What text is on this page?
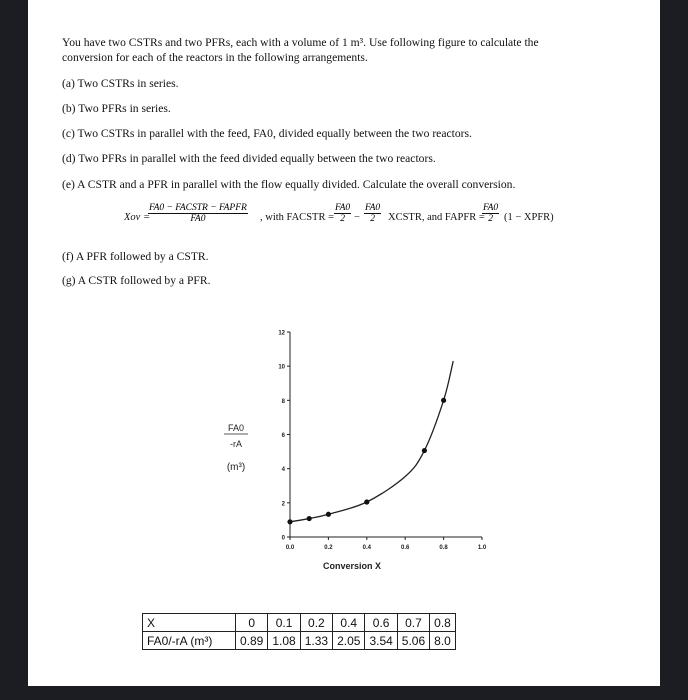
You have two CSTRs and two PFRs, each with a volume of 1 m³. Use following figure to calculate the
conversion for each of the reactors in the following arrangements.
(a) Two CSTRs in series.
(b) Two PFRs in series.
(c) Two CSTRs in parallel with the feed, FA0, divided equally between the two reactors.
(d) Two PFRs in parallel with the feed divided equally between the two reactors.
(e) A CSTR and a PFR in parallel with the flow equally divided. Calculate the overall conversion.
Xov =
FA0 − FACSTR − FAPFR
FA0	, with FACSTR = $\frac{FA0}{2} - \frac{FA0}{2}$ XCSTR, and FAPFR =
$\frac{FA0}{2} (1$ − XPFR)
(f) A PFR followed by a CSTR.
(g) A CSTR followed by a PFR.
0
2
4
6
8
10
12
0.0	0.2	0.4	0.6	0.8	1.0
Conversion X
FA0
-rA
(m³)
X	0	0.1	0.2	0.4	0.6	0.7	0.8
FA0/-rA (m³)	0.89	1.08	1.33	2.05	3.54	5.06	8.0
